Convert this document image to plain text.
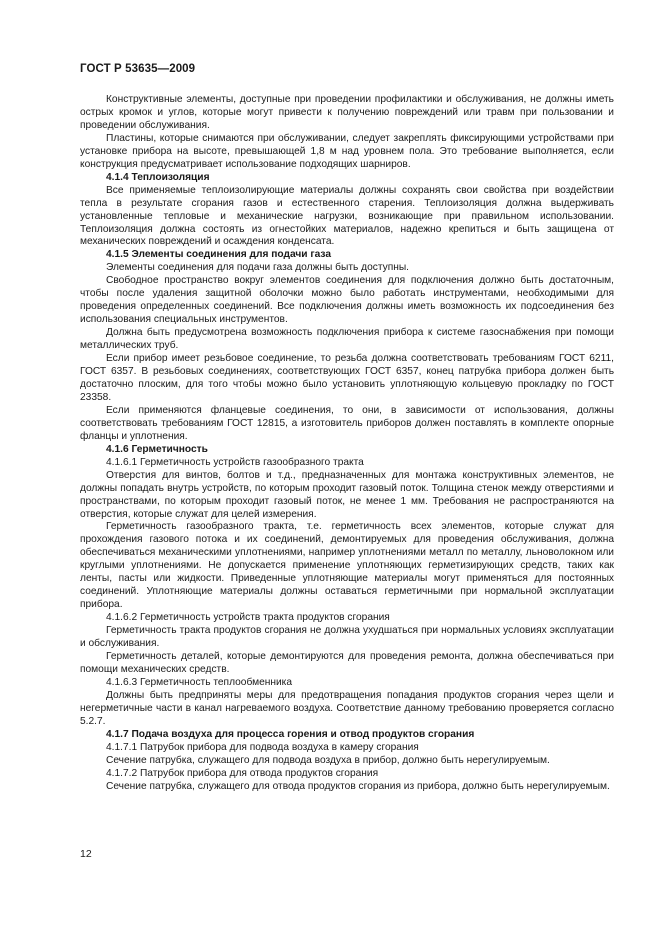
ГОСТ Р 53635—2009

Конструктивные элементы, доступные при проведении профилактики и обслуживания, не должны иметь острых кромок и углов, которые могут привести к получению повреждений или травм при пользовании и проведении обслуживания.

Пластины, которые снимаются при обслуживании, следует закреплять фиксирующими устройствами при установке прибора на высоте, превышающей 1,8 м над уровнем пола. Это требование выполняется, если конструкция предусматривает использование подходящих шарниров.

4.1.4 Теплоизоляция

Все применяемые теплоизолирующие материалы должны сохранять свои свойства при воздействии тепла в результате сгорания газов и естественного старения. Теплоизоляция должна выдерживать установленные тепловые и механические нагрузки, возникающие при правильном использовании. Теплоизоляция должна состоять из огнестойких материалов, надежно крепиться и быть защищена от механических повреждений и осаждения конденсата.

4.1.5 Элементы соединения для подачи газа

Элементы соединения для подачи газа должны быть доступны.

Свободное пространство вокруг элементов соединения для подключения должно быть достаточным, чтобы после удаления защитной оболочки можно было работать инструментами, необходимыми для проведения определенных соединений. Все подключения должны иметь возможность их подсоединения без использования специальных инструментов.

Должна быть предусмотрена возможность подключения прибора к системе газоснабжения при помощи металлических труб.

Если прибор имеет резьбовое соединение, то резьба должна соответствовать требованиям ГОСТ 6211, ГОСТ 6357. В резьбовых соединениях, соответствующих ГОСТ 6357, конец патрубка прибора должен быть достаточно плоским, для того чтобы можно было установить уплотняющую кольцевую прокладку по ГОСТ 23358.

Если применяются фланцевые соединения, то они, в зависимости от использования, должны соответствовать требованиям ГОСТ 12815, а изготовитель приборов должен поставлять в комплекте опорные фланцы и уплотнения.

4.1.6 Герметичность

4.1.6.1 Герметичность устройств газообразного тракта

Отверстия для винтов, болтов и т.д., предназначенных для монтажа конструктивных элементов, не должны попадать внутрь устройств, по которым проходит газовый поток. Толщина стенок между отверстиями и пространствами, по которым проходит газовый поток, не менее 1 мм. Требования не распространяются на отверстия, которые служат для целей измерения.

Герметичность газообразного тракта, т.е. герметичность всех элементов, которые служат для прохождения газового потока и их соединений, демонтируемых для проведения обслуживания, должна обеспечиваться механическими уплотнениями, например уплотнениями металл по металлу, льноволокном или круглыми уплотнениями. Не допускается применение уплотняющих герметизирующих средств, таких как ленты, пасты или жидкости. Приведенные уплотняющие материалы могут применяться для постоянных соединений. Уплотняющие материалы должны оставаться герметичными при нормальной эксплуатации прибора.

4.1.6.2 Герметичность устройств тракта продуктов сгорания

Герметичность тракта продуктов сгорания не должна ухудшаться при нормальных условиях эксплуатации и обслуживания.

Герметичность деталей, которые демонтируются для проведения ремонта, должна обеспечиваться при помощи механических средств.

4.1.6.3 Герметичность теплообменника

Должны быть предприняты меры для предотвращения попадания продуктов сгорания через щели и негерметичные части в канал нагреваемого воздуха. Соответствие данному требованию проверяется согласно 5.2.7.

4.1.7 Подача воздуха для процесса горения и отвод продуктов сгорания

4.1.7.1 Патрубок прибора для подвода воздуха в камеру сгорания

Сечение патрубка, служащего для подвода воздуха в прибор, должно быть нерегулируемым.

4.1.7.2 Патрубок прибора для отвода продуктов сгорания

Сечение патрубка, служащего для отвода продуктов сгорания из прибора, должно быть нерегулируемым.

12
